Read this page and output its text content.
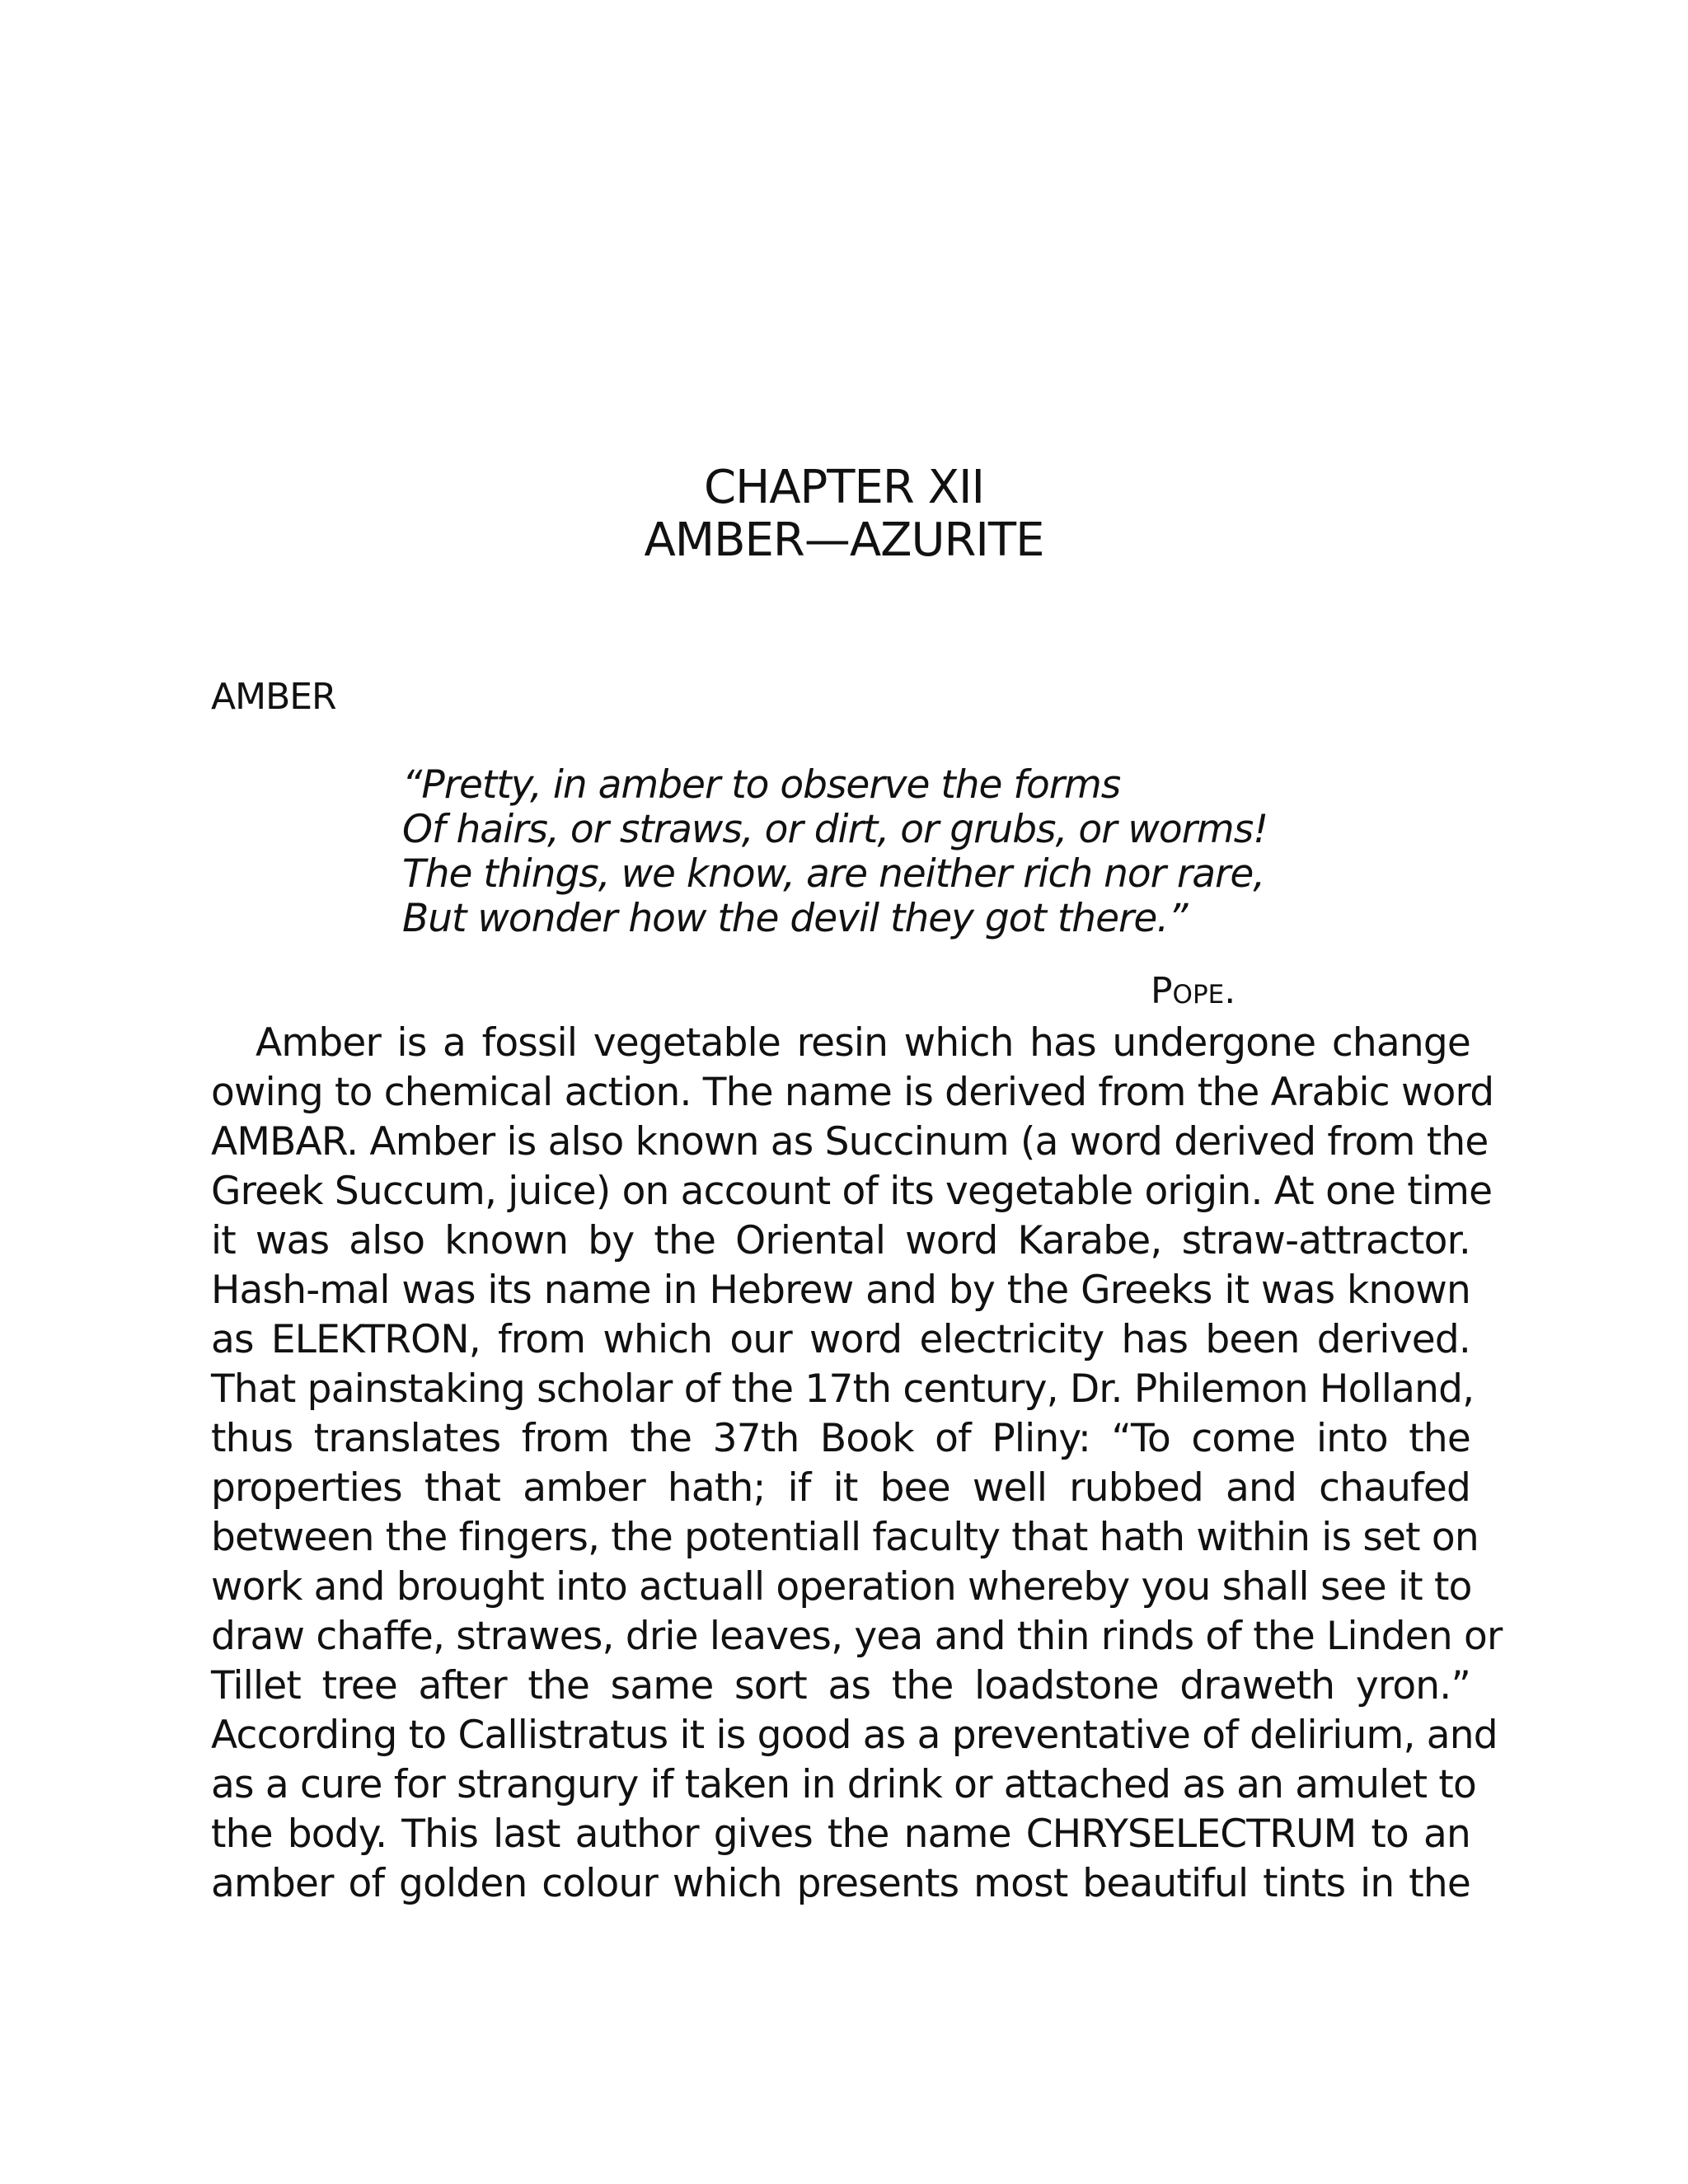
CHAPTER XII
AMBER—AZURITE
AMBER
“Pretty, in amber to observe the forms
Of hairs, or straws, or dirt, or grubs, or worms!
The things, we know, are neither rich nor rare,
But wonder how the devil they got there.”
POPE.
Amber is a fossil vegetable resin which has undergone change
owing to chemical action. The name is derived from the Arabic word
AMBAR. Amber is also known as Succinum (a word derived from the
Greek Succum, juice) on account of its vegetable origin. At one time
it was also known by the Oriental word Karabe, straw-attractor.
Hash-mal was its name in Hebrew and by the Greeks it was known
as ELEKTRON, from which our word electricity has been derived.
That painstaking scholar of the 17th century, Dr. Philemon Holland,
thus translates from the 37th Book of Pliny: “To come into the
properties that amber hath; if it bee well rubbed and chaufed
between the fingers, the potentiall faculty that hath within is set on
work and brought into actuall operation whereby you shall see it to
draw chaffe, strawes, drie leaves, yea and thin rinds of the Linden or
Tillet tree after the same sort as the loadstone draweth yron.”
According to Callistratus it is good as a preventative of delirium, and
as a cure for strangury if taken in drink or attached as an amulet to
the body. This last author gives the name CHRYSELECTRUM to an
amber of golden colour which presents most beautiful tints in the
